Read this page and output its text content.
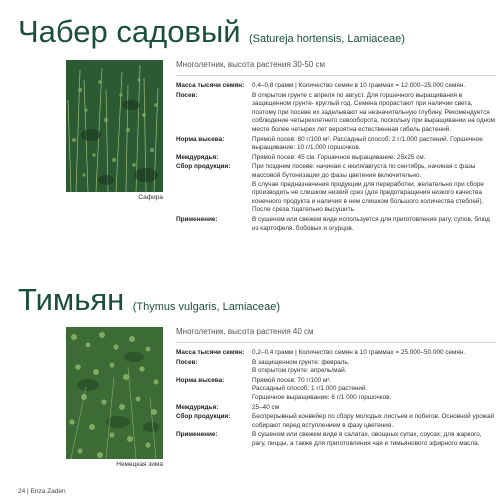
Чабер садовый (Satureja hortensis, Lamiaceae)
Сафира
Многолетник, высота растения 30-50 см
Масса тысячи семян:	0,4–0,8 грамм | Количество семян в 10 граммах = 12.000–25.000 семян.

Посев:	В открытом грунте с апреля по август. Для горшечного выращивания в защищенном грунте- круглый год. Семена прорастают при наличии света, поэтому при посеве их заделывают на незначительную глубину. Рекомендуется соблюдение четырехлетнего севооборота, поскольку при выращивании на одном месте более четырех лет вероятна естественная гибель растений.

Норма высева:	Прямой посев: 80 г/100 м². Рассадный способ: 2 г/1.000 растений. Горшечное выращивание: 10 г/1.000 горшочков.

Междурядья:	Прямой посев: 45 см. Горшечное выращивание: 25x25 см.

Сбор продукции:	При позднем посеве: начиная с июля/августа по сентябрь, начиная с фазы массовой бутонизации до фазы цветения включительно.

В случае предназначения продукции для переработки, желательно при сборе производить не слишком низкий срез (для предотвращения низкого качества конечного продукта и наличия в нем слишком большого количества стеблей).

После среза тщательно высушить.

Применение:	В сушеном или свежем виде используется для приготовления рагу, супов, блюд из картофеля, бобовых и огурцов.

Тимьян (Thymus vulgaris, Lamiaceae)
Немецкая зима
Многолетник, высота растения 40 см
Масса тысячи семян:	0,2–0,4 грамм | Количество семян в 10 граммах = 25.000–50.000 семян.

Посев:	В защищенном грунте: февраль.

В открытом грунте: апрель/май.

Норма высева:	Прямой посев: 70 г/100 м².

Рассадный способ: 1 г/1.000 растений.

Горшечное выращивание: 6 г/1.000 горшочков.

Междурядья:	25–40 см

Сбор продукции:	Беспрерывный конвейер по сбору молодых листьев и побегов. Основной урожай собирают перед вступлением в фазу цветения.

Применение:	В сушеном или свежем виде в салатах, овощных супах, соусах; для жаркого, рагу, пиццы, а также для приготовления чая и тимьянового эфирного масла.

24 | Enza Zaden
